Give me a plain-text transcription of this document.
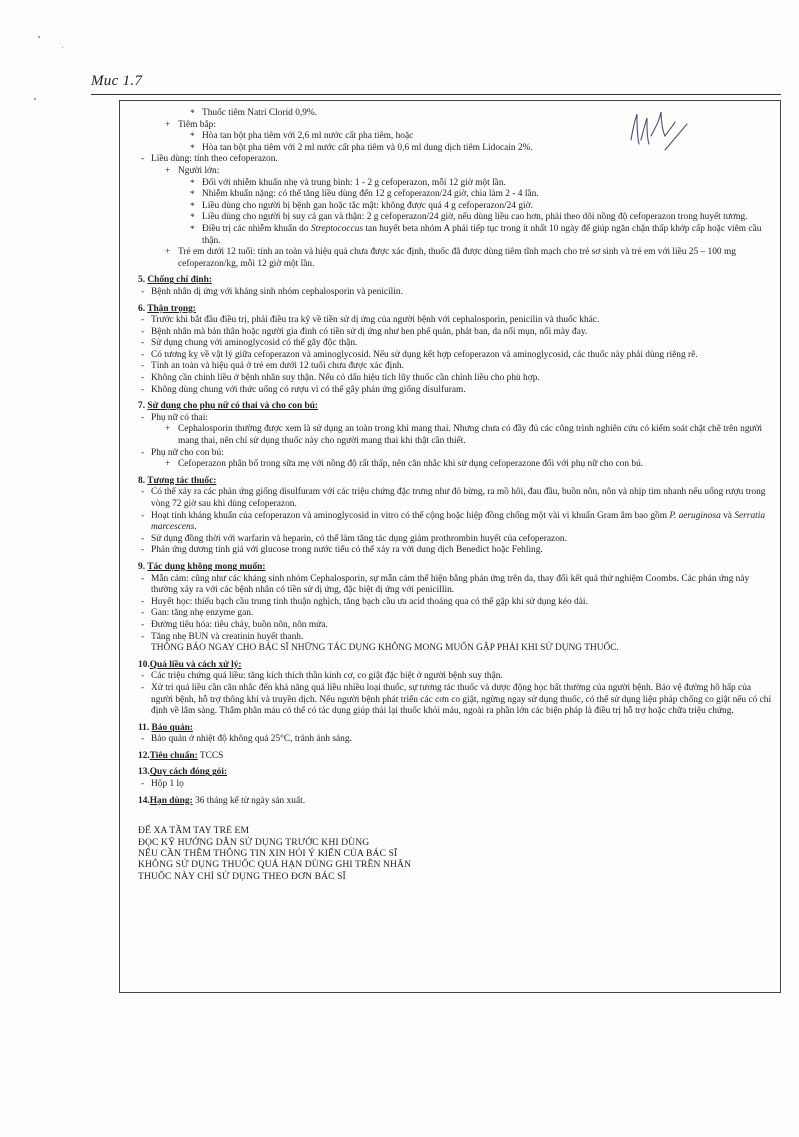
Muc 1.7
* Thuốc tiêm Natri Clorid 0,9%.
+ Tiêm bắp:
* Hòa tan bột pha tiêm với 2,6 ml nước cất pha tiêm, hoặc
* Hòa tan bột pha tiêm với 2 ml nước cất pha tiêm và 0,6 ml dung dịch tiêm Lidocain 2%.
- Liều dùng: tính theo cefoperazon.
+ Người lớn:
* Đối với nhiễm khuẩn nhẹ và trung bình: 1 - 2 g cefoperazon, mỗi 12 giờ một lần.
* Nhiễm khuẩn nặng: có thể tăng liều dùng đến 12 g cefoperazon/24 giờ, chia làm 2 - 4 lần.
* Liều dùng cho người bị bệnh gan hoặc tắc mật: không được quá 4 g cefoperazon/24 giờ.
* Liều dùng cho người bị suy cả gan và thận: 2 g cefoperazon/24 giờ, nếu dùng liều cao hơn, phải theo dõi nồng độ cefoperazon trong huyết tương.
* Điều trị các nhiễm khuẩn do Streptococcus tan huyết beta nhóm A phải tiếp tục trong ít nhất 10 ngày để giúp ngăn chặn thấp khớp cấp hoặc viêm cầu thận.
+ Trẻ em dưới 12 tuổi: tính an toàn và hiệu quả chưa được xác định, thuốc đã được dùng tiêm tĩnh mạch cho trẻ sơ sinh và trẻ em với liều 25 – 100 mg cefoperazon/kg, mỗi 12 giờ một lần.
5. Chống chỉ định:
- Bệnh nhân dị ứng với kháng sinh nhóm cephalosporin và penicilin.
6. Thận trọng:
- Trước khi bắt đầu điều trị, phải điều tra kỹ về tiền sử dị ứng của người bệnh với cephalosporin, penicilin và thuốc khác.
- Bệnh nhân mà bản thân hoặc người gia đình có tiền sử dị ứng như hen phế quản, phát ban, da nổi mụn, nổi mày đay.
- Sử dụng chung với aminoglycosid có thể gây độc thận.
- Có tương kỵ về vật lý giữa cefoperazon và aminoglycosid. Nếu sử dụng kết hợp cefoperazon và aminoglycosid, các thuốc này phải dùng riêng rẽ.
- Tính an toàn và hiệu quả ở trẻ em dưới 12 tuổi chưa được xác định.
- Không cần chỉnh liều ở bệnh nhân suy thận. Nếu có dấu hiệu tích lũy thuốc cần chỉnh liều cho phù hợp.
- Không dùng chung với thức uống có rượu vì có thể gây phản ứng giống disulfuram.
7. Sử dụng cho phụ nữ có thai và cho con bú:
- Phụ nữ có thai:
+ Cephalosporin thường được xem là sử dụng an toàn trong khi mang thai. Nhưng chưa có đầy đủ các công trình nghiên cứu có kiểm soát chặt chẽ trên người mang thai, nên chỉ sử dụng thuốc này cho người mang thai khi thật cần thiết.
- Phụ nữ cho con bú:
+ Cefoperazon phân bố trong sữa mẹ với nồng độ rất thấp, nên cân nhắc khi sử dụng cefoperazone đối với phụ nữ cho con bú.
8. Tương tác thuốc:
- Có thể xảy ra các phản ứng giống disulfuram với các triệu chứng đặc trưng như đỏ bừng, ra mồ hôi, đau đầu, buồn nôn, nôn và nhịp tim nhanh nếu uống rượu trong vòng 72 giờ sau khi dùng cefoperazon.
- Hoạt tính kháng khuẩn của cefoperazon và aminoglycosid in vitro có thể cộng hoặc hiệp đồng chống một vài vi khuẩn Gram âm bao gồm P. aeruginosa và Serratia marcescens.
- Sử dụng đồng thời với warfarin và heparin, có thể làm tăng tác dụng giảm prothrombin huyết của cefoperazon.
- Phản ứng dương tính giả với glucose trong nước tiểu có thể xảy ra với dung dịch Benedict hoặc Fehling.
9. Tác dụng không mong muốn:
- Mẫn cảm: cũng như các kháng sinh nhóm Cephalosporin, sự mẫn cảm thể hiện bằng phản ứng trên da, thay đổi kết quả thử nghiệm Coombs. Các phản ứng này thường xảy ra với các bệnh nhân có tiền sử dị ứng, đặc biệt dị ứng với penicillin.
- Huyết học: thiếu bạch cầu trung tính thuận nghịch, tăng bạch cầu ưa acid thoáng qua có thể gặp khi sử dụng kéo dài.
- Gan: tăng nhẹ enzyme gan.
- Đường tiêu hóa: tiêu chảy, buồn nôn, nôn mửa.
- Tăng nhẹ BUN và creatinin huyết thanh.
THÔNG BÁO NGAY CHO BÁC SĨ NHỮNG TÁC DỤNG KHÔNG MONG MUỐN GẶP PHẢI KHI SỬ DỤNG THUỐC.
10.Quá liều và cách xử lý:
- Các triệu chứng quá liều: tăng kích thích thần kinh cơ, co giật đặc biệt ở người bệnh suy thận.
- Xử trí quá liều cần cân nhắc đến khả năng quá liều nhiều loại thuốc, sự tương tác thuốc và dược động học bất thường của người bệnh. Bảo vệ đường hô hấp của người bệnh, hỗ trợ thông khí và truyền dịch. Nếu người bệnh phát triển các cơn co giật, ngừng ngay sử dụng thuốc, có thể sử dụng liệu pháp chống co giật nếu có chỉ định về lâm sàng. Thẩm phân máu có thể có tác dụng giúp thải lại thuốc khỏi máu, ngoài ra phần lớn các biện pháp là điều trị hỗ trợ hoặc chữa triệu chứng.
11. Bảo quản:
- Bảo quản ở nhiệt độ không quá 25°C, tránh ánh sáng.
12.Tiêu chuẩn: TCCS
13.Quy cách đóng gói:
- Hộp 1 lọ
14.Hạn dùng: 36 tháng kể từ ngày sản xuất.
ĐỂ XA TẦM TAY TRẺ EM
ĐỌC KỸ HƯỚNG DẪN SỬ DỤNG TRƯỚC KHI DÙNG
NẾU CẦN THÊM THÔNG TIN XIN HỎI Ý KIẾN CỦA BÁC SĨ
KHÔNG SỬ DỤNG THUỐC QUÁ HẠN DÙNG GHI TRÊN NHÃN
THUỐC NÀY CHỈ SỬ DỤNG THEO ĐƠN BÁC SĨ
